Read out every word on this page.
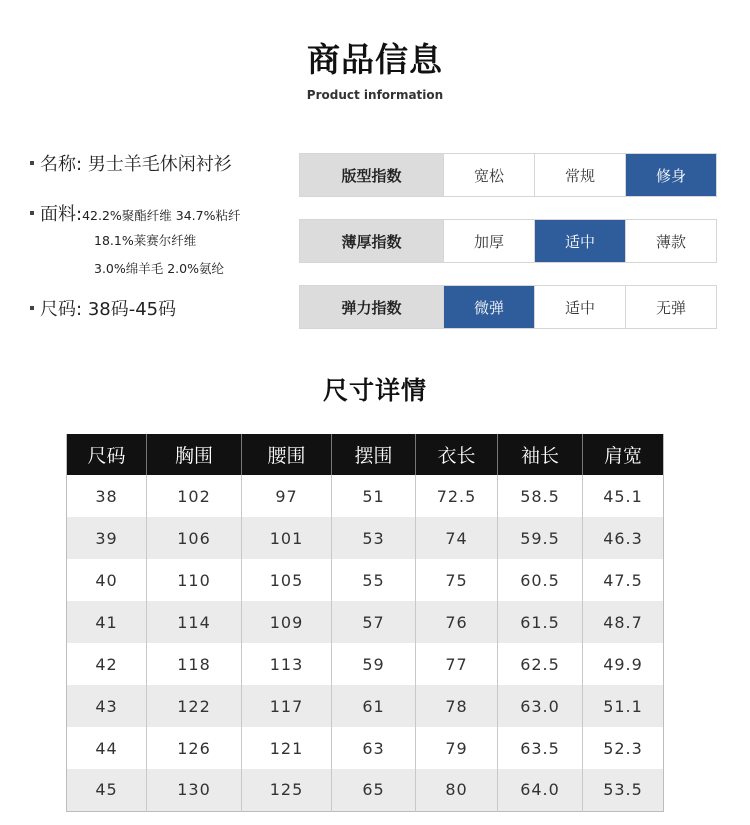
商品信息
Product information
名称: 男士羊毛休闲衬衫
面料:42.2%聚酯纤维 34.7%粘纤
18.1%莱赛尔纤维
3.0%绵羊毛 2.0%氨纶
尺码: 38码-45码
版型指数	宽松	常规	修身
薄厚指数	加厚	适中	薄款
弹力指数	微弹	适中	无弹
尺寸详情
尺码	胸围	腰围	摆围	衣长	袖长	肩宽
38	102	97	51	72.5	58.5	45.1
39	106	101	53	74	59.5	46.3
40	110	105	55	75	60.5	47.5
41	114	109	57	76	61.5	48.7
42	118	113	59	77	62.5	49.9
43	122	117	61	78	63.0	51.1
44	126	121	63	79	63.5	52.3
45	130	125	65	80	64.0	53.5
